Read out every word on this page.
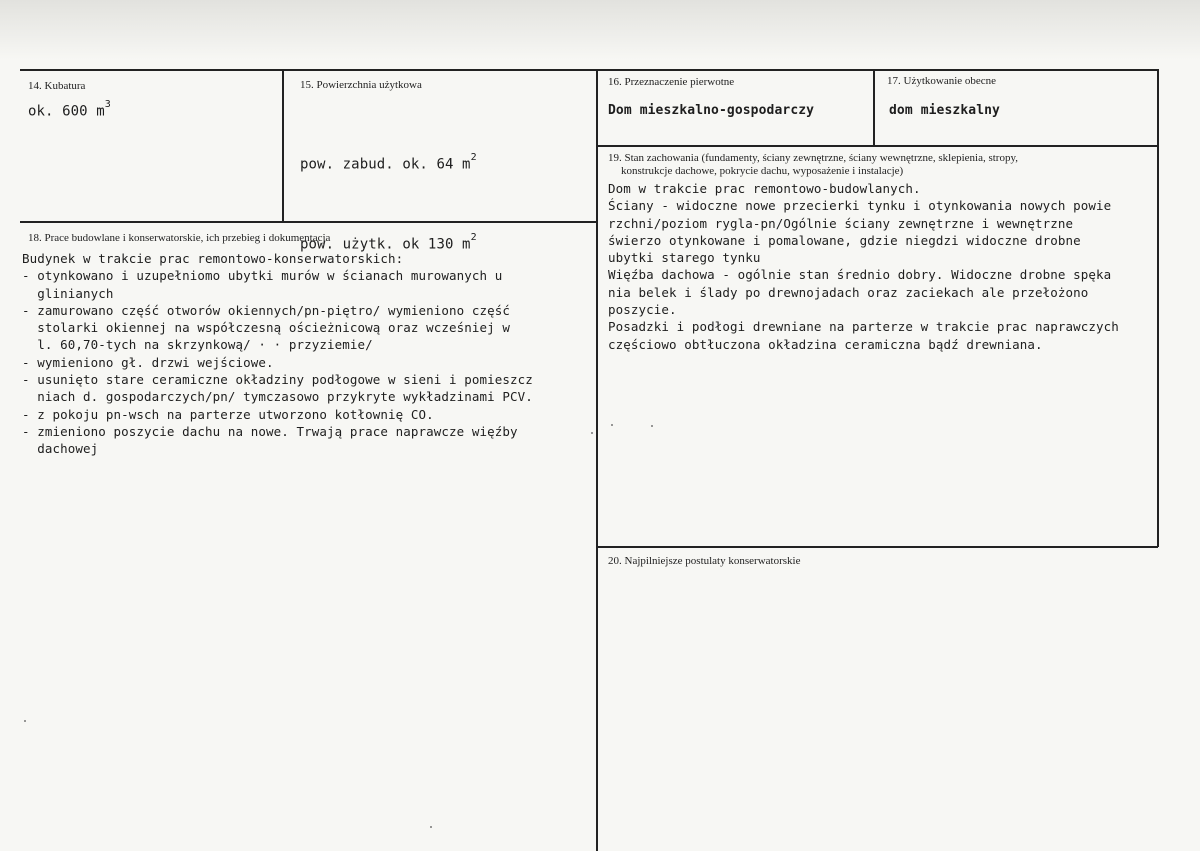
14. Kubatura
ok. 600 $m^3$
15. Powierzchnia użytkowa

pow. zabud. ok. 64 $m^2$

pow. użytk. ok 130 $m^2$

16. Przeznaczenie pierwotne
Dom mieszkalno-gospodarczy
17. Użytkowanie obecne
dom mieszkalny
18. Prace budowlane i konserwatorskie, ich przebieg i dokumentacja
Budynek w trakcie prac remontowo-konserwatorskich:
- otynkowano i uzupełniomo ubytki murów w ścianach murowanych u
glinianych
- zamurowano część otworów okiennych/pn-piętro/ wymieniono część
stolarki okiennej na współczesną ościeżnicową oraz wcześniej w
l. 60,70-tych na skrzynkową/ · · przyziemie/
- wymieniono gł. drzwi wejściowe.
- usunięto stare ceramiczne okładziny podłogowe w sieni i pomieszcz
niach d. gospodarczych/pn/ tymczasowo przykryte wykładzinami PCV.
- z pokoju pn-wsch na parterze utworzono kotłownię CO.
- zmieniono poszycie dachu na nowe. Trwają prace naprawcze więźby
dachowej
19. Stan zachowania (fundamenty, ściany zewnętrzne, ściany wewnętrzne, sklepienia, stropy,
konstrukcje dachowe, pokrycie dachu, wyposażenie i instalacje)
Dom w trakcie prac remontowo-budowlanych.
Ściany - widoczne nowe przecierki tynku i otynkowania nowych powie
rzchni/poziom rygla-pn/Ogólnie ściany zewnętrzne i wewnętrzne
świerzo otynkowane i pomalowane, gdzie niegdzi widoczne drobne
ubytki starego tynku
Więźba dachowa - ogólnie stan średnio dobry. Widoczne drobne spęka
nia belek i ślady po drewnojadach oraz zaciekach ale przełożono
poszycie.
Posadzki i podłogi drewniane na parterze w trakcie prac naprawczych
częściowo obtłuczona okładzina ceramiczna bądź drewniana.
20. Najpilniejsze postulaty konserwatorskie
